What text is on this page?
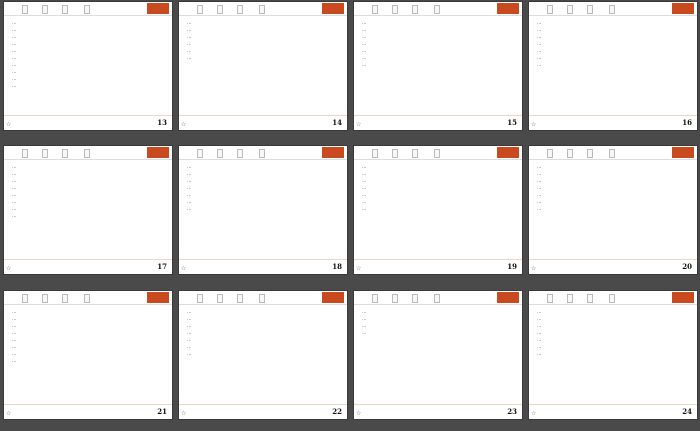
…
…
…
…
…
…
…
…
…
…
☆	13
…
…
…
…
…
…
☆	14
…
…
…
…
…
…
…
☆	15
…
…
…
…
…
…
…
☆	16
…
…
…
…
…
…
…
…
☆	17
…
…
…
…
…
…
…
☆	18
…
…
…
…
…
…
…
☆	19
…
…
…
…
…
…
…
☆	20
…
…
…
…
…
…
…
…
☆	21
…
…
…
…
…
…
…
☆	22
…
…
…
…
☆	23
…
…
…
…
…
…
…
☆	24
